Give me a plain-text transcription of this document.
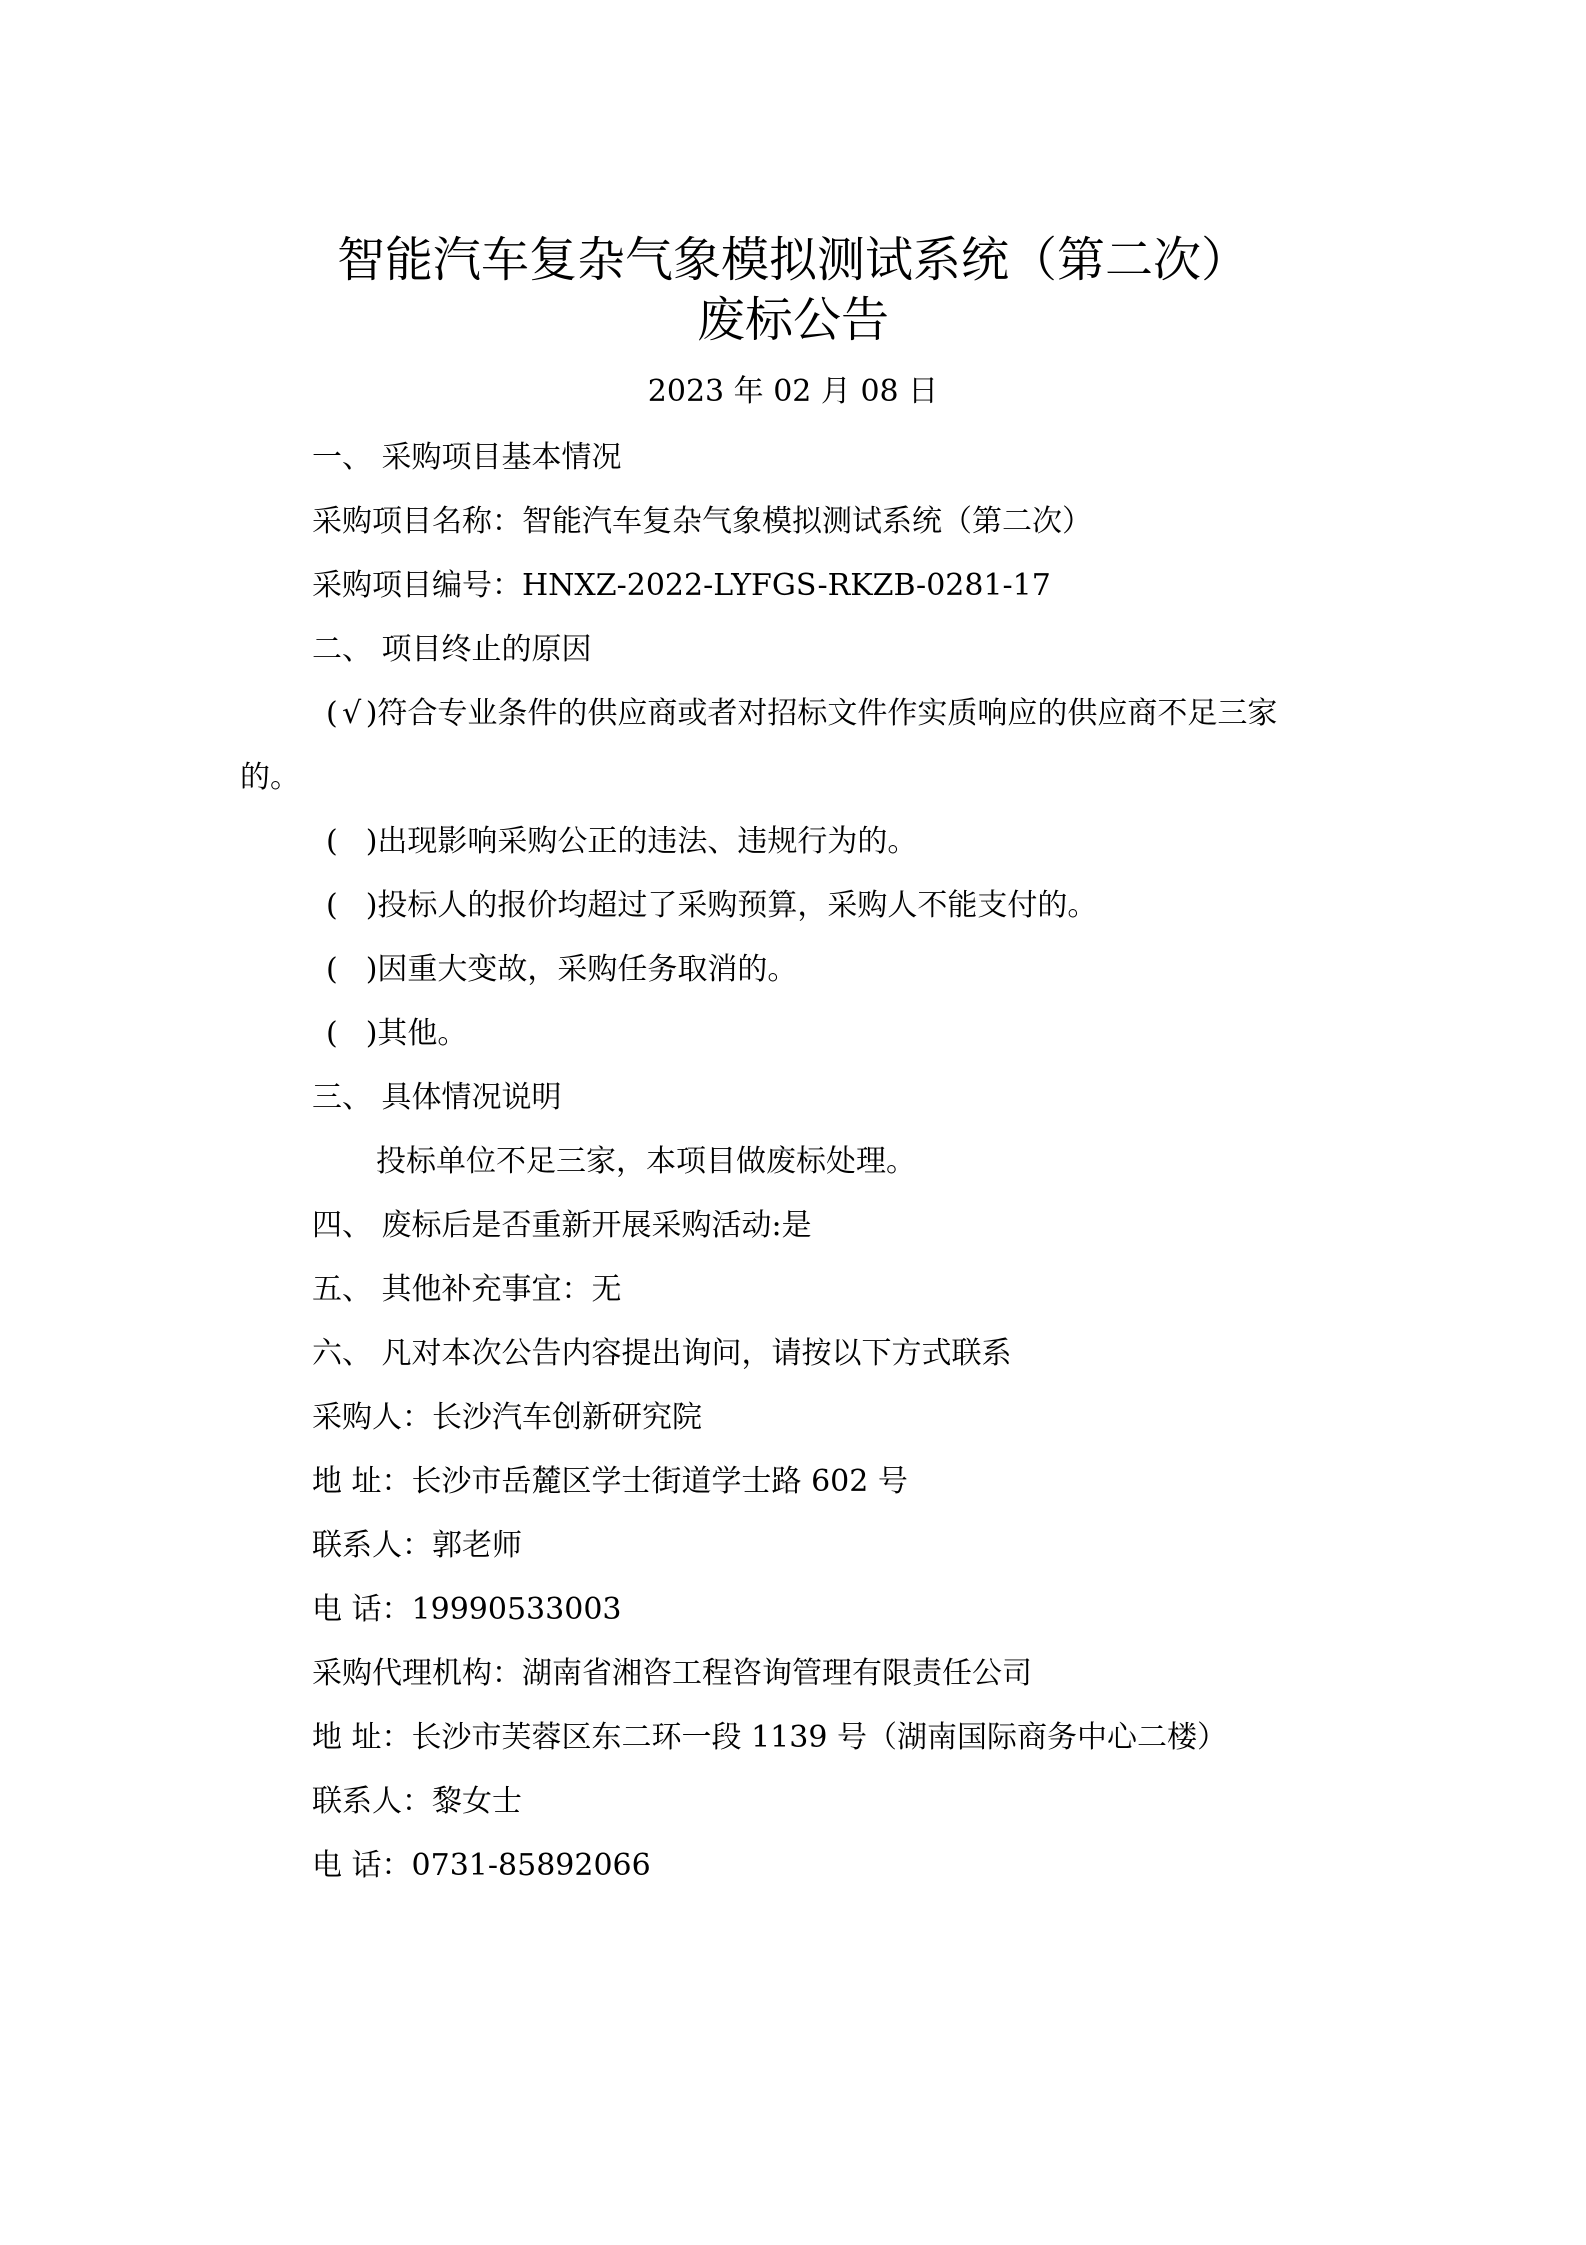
智能汽车复杂气象模拟测试系统（第二次）
废标公告
2023 年 02 月 08 日
一、 采购项目基本情况
采购项目名称：智能汽车复杂气象模拟测试系统（第二次）
采购项目编号：HNXZ-2022-LYFGS-RKZB-0281-17
二、 项目终止的原因
( √ )符合专业条件的供应商或者对招标文件作实质响应的供应商不足三家
的。
( )出现影响采购公正的违法、违规行为的。
( )投标人的报价均超过了采购预算，采购人不能支付的。
( )因重大变故，采购任务取消的。
( )其他。
三、 具体情况说明
投标单位不足三家，本项目做废标处理。
四、 废标后是否重新开展采购活动:是
五、 其他补充事宜：无
六、 凡对本次公告内容提出询问，请按以下方式联系
采购人：长沙汽车创新研究院
地 址：长沙市岳麓区学士街道学士路 602 号
联系人：郭老师
电 话：19990533003
采购代理机构：湖南省湘咨工程咨询管理有限责任公司
地 址：长沙市芙蓉区东二环一段 1139 号（湖南国际商务中心二楼）
联系人：黎女士
电 话：0731-85892066
